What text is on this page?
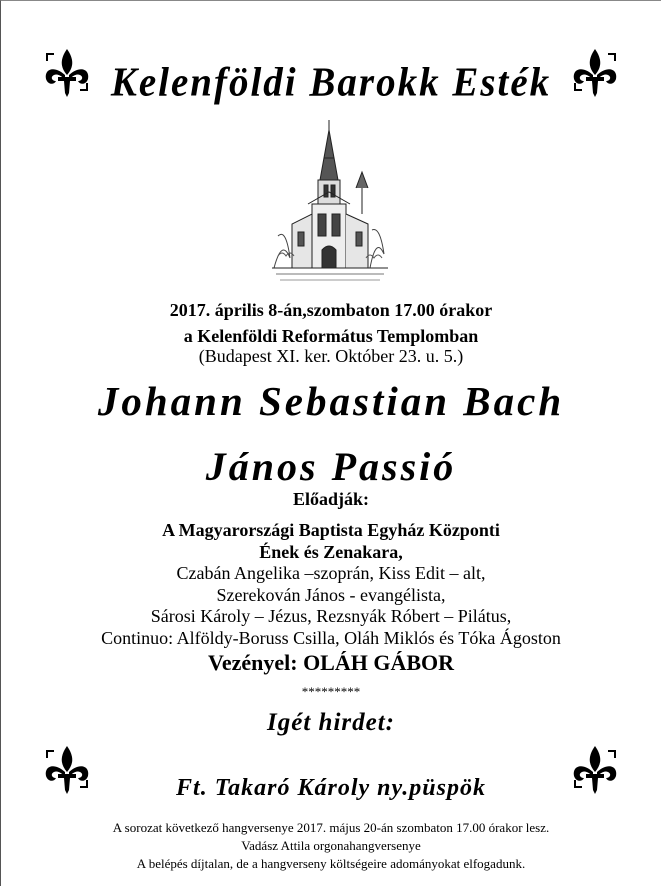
Kelenföldi Barokk Esték
2017. április 8-án,szombaton 17.00 órakor
a Kelenföldi Református Templomban
(Budapest XI. ker. Október 23. u. 5.)
Johann Sebastian Bach
János Passió
Előadják:
A Magyarországi Baptista Egyház Központi
Ének és Zenakara,
Czabán Angelika –szoprán, Kiss Edit – alt,
Szerekován János - evangélista,
Sárosi Károly – Jézus, Rezsnyák Róbert – Pilátus,
Continuo: Alföldy-Boruss Csilla, Oláh Miklós és Tóka Ágoston
Vezényel: OLÁH GÁBOR
*********
Igét hirdet:
Ft. Takaró Károly ny.püspök
A sorozat következő hangversenye 2017. május 20-án szombaton 17.00 órakor lesz.
Vadász Attila orgonahangversenye
A belépés díjtalan, de a hangverseny költségeire adományokat elfogadunk.
